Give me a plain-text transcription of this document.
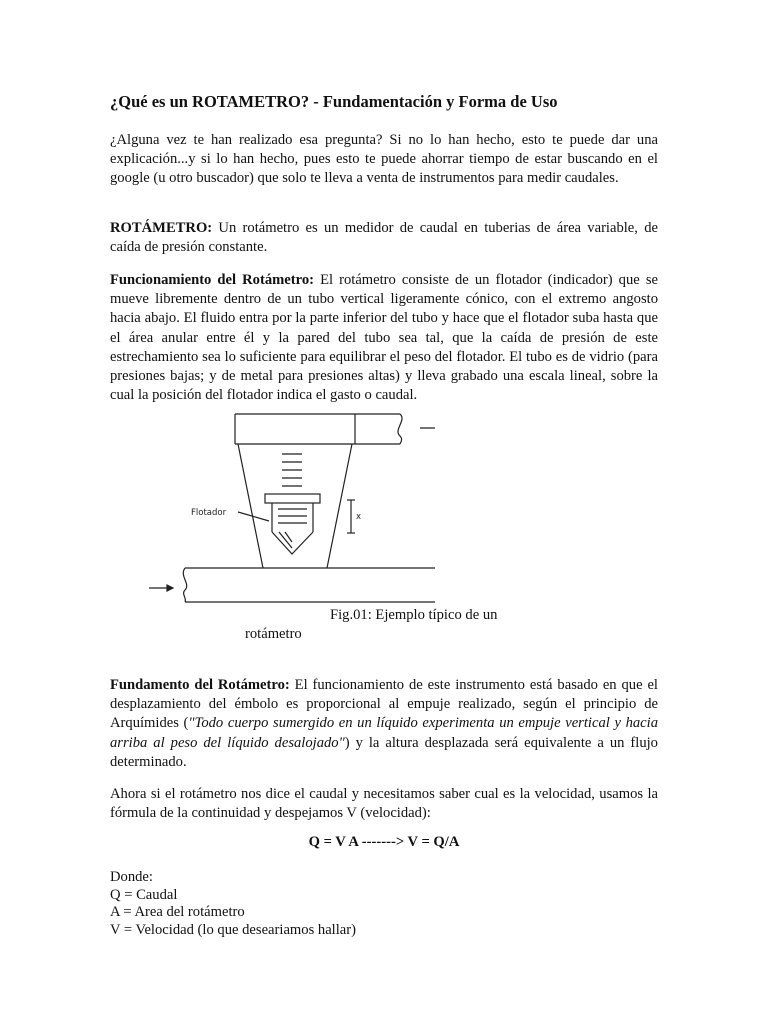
¿Qué es un ROTAMETRO? - Fundamentación y Forma de Uso

¿Alguna vez te han realizado esa pregunta? Si no lo han hecho, esto te puede dar una explicación...y si lo han hecho, pues esto te puede ahorrar tiempo de estar buscando en el google (u otro buscador) que solo te lleva a venta de instrumentos para medir caudales.

ROTÁMETRO: Un rotámetro es un medidor de caudal en tuberias de área variable, de caída de presión constante.

Funcionamiento del Rotámetro: El rotámetro consiste de un flotador (indicador) que se mueve libremente dentro de un tubo vertical ligeramente cónico, con el extremo angosto hacia abajo. El fluido entra por la parte inferior del tubo y hace que el flotador suba hasta que el área anular entre él y la pared del tubo sea tal, que la caída de presión de este estrechamiento sea lo suficiente para equilibrar el peso del flotador. El tubo es de vidrio (para presiones bajas; y de metal para presiones altas) y lleva grabado una escala lineal, sobre la cual la posición del flotador indica el gasto o caudal.

Fundamento del Rotámetro: El funcionamiento de este instrumento está basado en que el desplazamiento del émbolo es proporcional al empuje realizado, según el principio de Arquímides ("Todo cuerpo sumergido en un líquido experimenta un empuje vertical y hacia arriba al peso del líquido desalojado") y la altura desplazada será equivalente a un flujo determinado.

Ahora si el rotámetro nos dice el caudal y necesitamos saber cual es la velocidad, usamos la fórmula de la continuidad y despejamos V (velocidad):

Q = V A -------> V = Q/A

Donde:
Q = Caudal
A = Area del rotámetro
V = Velocidad (lo que deseariamos hallar)
Flotador	x

Fig.01: Ejemplo típico de un

rotámetro
